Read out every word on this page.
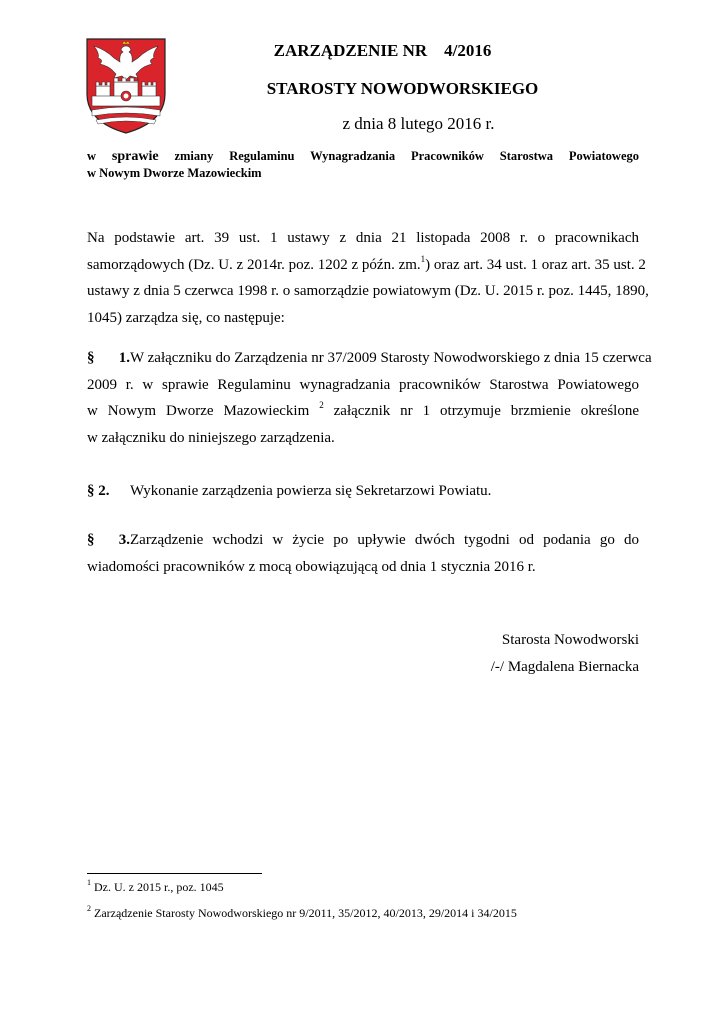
ZARZĄDZENIE NR    4/2016
STAROSTY NOWODWORSKIEGO
z dnia 8 lutego 2016 r.
w sprawie zmiany Regulaminu Wynagradzania Pracowników Starostwa Powiatowego
w Nowym Dworze Mazowieckim
Na podstawie art. 39 ust. 1 ustawy z dnia 21 listopada 2008 r. o pracownikach
samorządowych (Dz. U. z 2014r. poz. 1202 z późn. zm.$^1$) oraz art. 34 ust. 1 oraz art. 35 ust. 2
ustawy z dnia 5 czerwca 1998 r. o samorządzie powiatowym (Dz. U. 2015 r. poz. 1445, 1890,
1045) zarządza się, co następuje:
§ 1.W załączniku do Zarządzenia nr 37/2009 Starosty Nowodworskiego z dnia 15 czerwca
2009 r. w sprawie Regulaminu wynagradzania pracowników Starostwa Powiatowego
w Nowym Dworze Mazowieckim $^2$ załącznik nr 1 otrzymuje brzmienie określone
w załączniku do niniejszego zarządzenia.
§ 2. Wykonanie zarządzenia powierza się Sekretarzowi Powiatu.
§ 3.Zarządzenie wchodzi w życie po upływie dwóch tygodni od podania go do
wiadomości pracowników z mocą obowiązującą od dnia 1 stycznia 2016 r.
Starosta Nowodworski
/-/ Magdalena Biernacka
$^1$ Dz. U. z 2015 r., poz. 1045
$^2$ Zarządzenie Starosty Nowodworskiego nr 9/2011, 35/2012, 40/2013, 29/2014 i 34/2015
